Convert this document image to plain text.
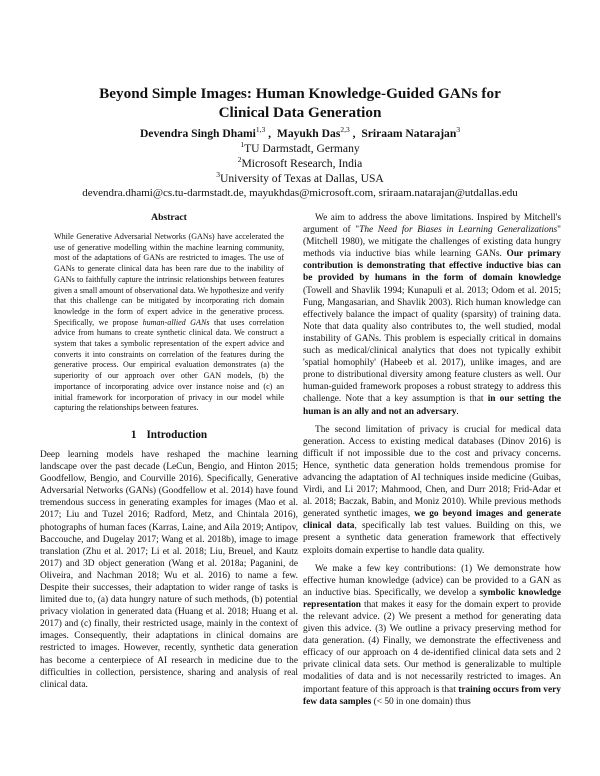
Beyond Simple Images: Human Knowledge-Guided GANs for
Clinical Data Generation
Devendra Singh Dhami$^{1,3}$ ,  Mayukh Das$^{2,3}$ ,  Sriraam Natarajan$^3$
$^1$TU Darmstadt, Germany
$^2$Microsoft Research, India
$^3$University of Texas at Dallas, USA
devendra.dhami@cs.tu-darmstadt.de, mayukhdas@microsoft.com, sriraam.natarajan@utdallas.edu
Abstract

While Generative Adversarial Networks (GANs) have accelerated the use of generative modelling within the machine learning community, most of the adaptations of GANs are restricted to images. The use of GANs to generate clinical data has been rare due to the inability of GANs to faithfully capture the intrinsic relationships between features given a small amount of observational data. We hypothesize and verify that this challenge can be mitigated by incorporating rich domain knowledge in the form of expert advice in the generative process. Specifically, we propose human-allied GANs that uses correlation advice from humans to create synthetic clinical data. We construct a system that takes a symbolic representation of the expert advice and converts it into constraints on correlation of the features during the generative process. Our empirical evaluation demonstrates (a) the superiority of our approach over other GAN models, (b) the importance of incorporating advice over instance noise and (c) an initial framework for incorporation of privacy in our model while capturing the relationships between features.

1 Introduction

Deep learning models have reshaped the machine learning landscape over the past decade (LeCun, Bengio, and Hinton 2015; Goodfellow, Bengio, and Courville 2016). Specifically, Generative Adversarial Networks (GANs) (Goodfellow et al. 2014) have found tremendous success in generating examples for images (Mao et al. 2017; Liu and Tuzel 2016; Radford, Metz, and Chintala 2016), photographs of human faces (Karras, Laine, and Aila 2019; Antipov, Baccouche, and Dugelay 2017; Wang et al. 2018b), image to image translation (Zhu et al. 2017; Li et al. 2018; Liu, Breuel, and Kautz 2017) and 3D object generation (Wang et al. 2018a; Paganini, de Oliveira, and Nachman 2018; Wu et al. 2016) to name a few. Despite their successes, their adaptation to wider range of tasks is limited due to, (a) data hungry nature of such methods, (b) potential privacy violation in generated data (Huang et al. 2018; Huang et al. 2017) and (c) finally, their restricted usage, mainly in the context of images. Consequently, their adaptations in clinical domains are restricted to images. However, recently, synthetic data generation has become a centerpiece of AI research in medicine due to the difficulties in collection, persistence, sharing and analysis of real clinical data.

We aim to address the above limitations. Inspired by Mitchell's argument of "The Need for Biases in Learning Generalizations" (Mitchell 1980), we mitigate the challenges of existing data hungry methods via inductive bias while learning GANs. Our primary contribution is demonstrating that effective inductive bias can be provided by humans in the form of domain knowledge (Towell and Shavlik 1994; Kunapuli et al. 2013; Odom et al. 2015; Fung, Mangasarian, and Shavlik 2003). Rich human knowledge can effectively balance the impact of quality (sparsity) of training data. Note that data quality also contributes to, the well studied, modal instability of GANs. This problem is especially critical in domains such as medical/clinical analytics that does not typically exhibit 'spatial homophily' (Habeeb et al. 2017), unlike images, and are prone to distributional diversity among feature clusters as well. Our human-guided framework proposes a robust strategy to address this challenge. Note that a key assumption is that in our setting the human is an ally and not an adversary.

The second limitation of privacy is crucial for medical data generation. Access to existing medical databases (Dinov 2016) is difficult if not impossible due to the cost and privacy concerns. Hence, synthetic data generation holds tremendous promise for advancing the adaptation of AI techniques inside medicine (Guibas, Virdi, and Li 2017; Mahmood, Chen, and Durr 2018; Frid-Adar et al. 2018; Baczak, Babin, and Moniz 2010). While previous methods generated synthetic images, we go beyond images and generate clinical data, specifically lab test values. Building on this, we present a synthetic data generation framework that effectively exploits domain expertise to handle data quality.

We make a few key contributions: (1) We demonstrate how effective human knowledge (advice) can be provided to a GAN as an inductive bias. Specifically, we develop a symbolic knowledge representation that makes it easy for the domain expert to provide the relevant advice. (2) We present a method for generating data given this advice. (3) We outline a privacy preserving method for data generation. (4) Finally, we demonstrate the effectiveness and efficacy of our approach on 4 de-identified clinical data sets and 2 private clinical data sets. Our method is generalizable to multiple modalities of data and is not necessarily restricted to images. An important feature of this approach is that training occurs from very few data samples (< 50 in one domain) thus
